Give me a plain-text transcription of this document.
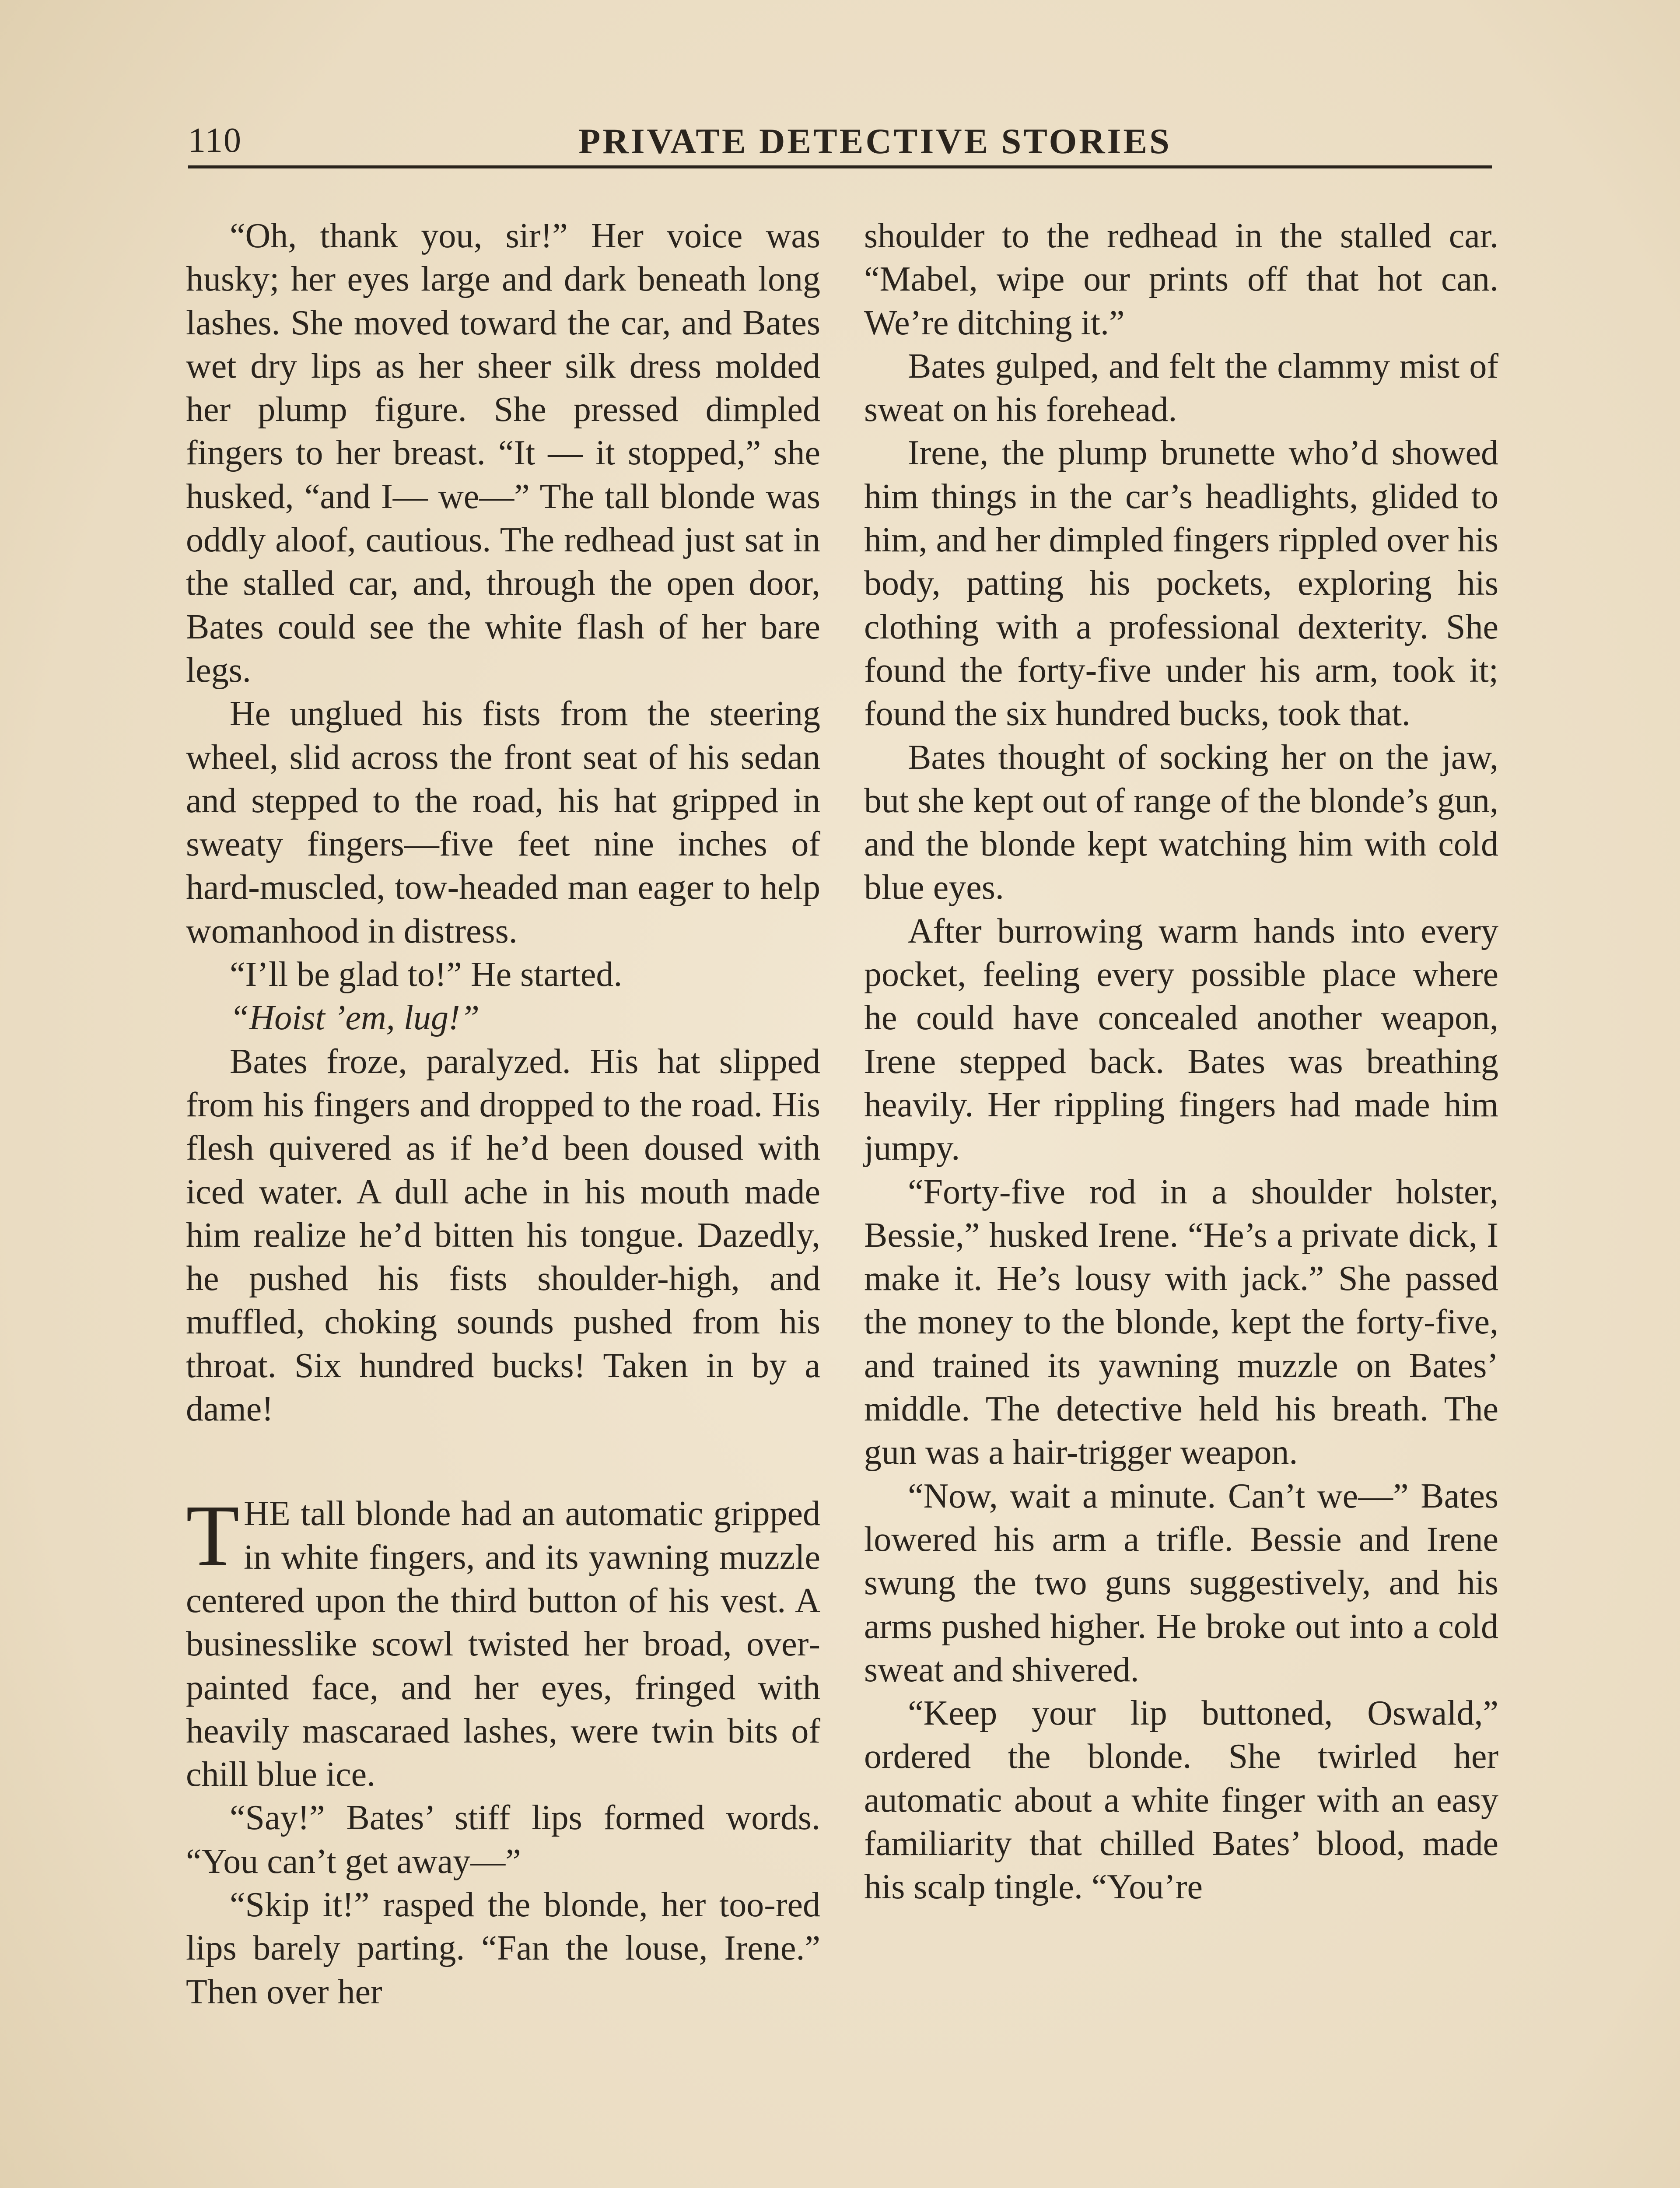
110	PRIVATE DETECTIVE STORIES

“Oh, thank you, sir!” Her voice was husky; her eyes large and dark beneath long lashes. She moved toward the car, and Bates wet dry lips as her sheer silk dress molded her plump figure. She pressed dimpled fingers to her breast. “It — it stopped,” she husked, “and I— we—” The tall blonde was oddly aloof, cautious. The redhead just sat in the stalled car, and, through the open door, Bates could see the white flash of her bare legs.

He unglued his fists from the steering wheel, slid across the front seat of his sedan and stepped to the road, his hat gripped in sweaty fingers—five feet nine inches of hard-muscled, tow-headed man eager to help womanhood in distress.

“I’ll be glad to!” He started.

“Hoist ’em, lug!”

Bates froze, paralyzed. His hat slipped from his fingers and dropped to the road. His flesh quivered as if he’d been doused with iced water. A dull ache in his mouth made him realize he’d bitten his tongue. Dazedly, he pushed his fists shoulder-high, and muffled, choking sounds pushed from his throat. Six hundred bucks! Taken in by a dame!

THE tall blonde had an automatic gripped in white fingers, and its yawning muzzle centered upon the third button of his vest. A businesslike scowl twisted her broad, overpainted face, and her eyes, fringed with heavily mascaraed lashes, were twin bits of chill blue ice.

“Say!” Bates’ stiff lips formed words. “You can’t get away—”

“Skip it!” rasped the blonde, her too-red lips barely parting. “Fan the louse, Irene.” Then over her

shoulder to the redhead in the stalled car. “Mabel, wipe our prints off that hot can. We’re ditching it.”

Bates gulped, and felt the clammy mist of sweat on his forehead.

Irene, the plump brunette who’d showed him things in the car’s headlights, glided to him, and her dimpled fingers rippled over his body, patting his pockets, exploring his clothing with a professional dexterity. She found the forty-five under his arm, took it; found the six hundred bucks, took that.

Bates thought of socking her on the jaw, but she kept out of range of the blonde’s gun, and the blonde kept watching him with cold blue eyes.

After burrowing warm hands into every pocket, feeling every possible place where he could have concealed another weapon, Irene stepped back. Bates was breathing heavily. Her rippling fingers had made him jumpy.

“Forty-five rod in a shoulder holster, Bessie,” husked Irene. “He’s a private dick, I make it. He’s lousy with jack.” She passed the money to the blonde, kept the forty-five, and trained its yawning muzzle on Bates’ middle. The detective held his breath. The gun was a hair-trigger weapon.

“Now, wait a minute. Can’t we—” Bates lowered his arm a trifle. Bessie and Irene swung the two guns suggestively, and his arms pushed higher. He broke out into a cold sweat and shivered.

“Keep your lip buttoned, Oswald,” ordered the blonde. She twirled her automatic about a white finger with an easy familiarity that chilled Bates’ blood, made his scalp tingle. “You’re
